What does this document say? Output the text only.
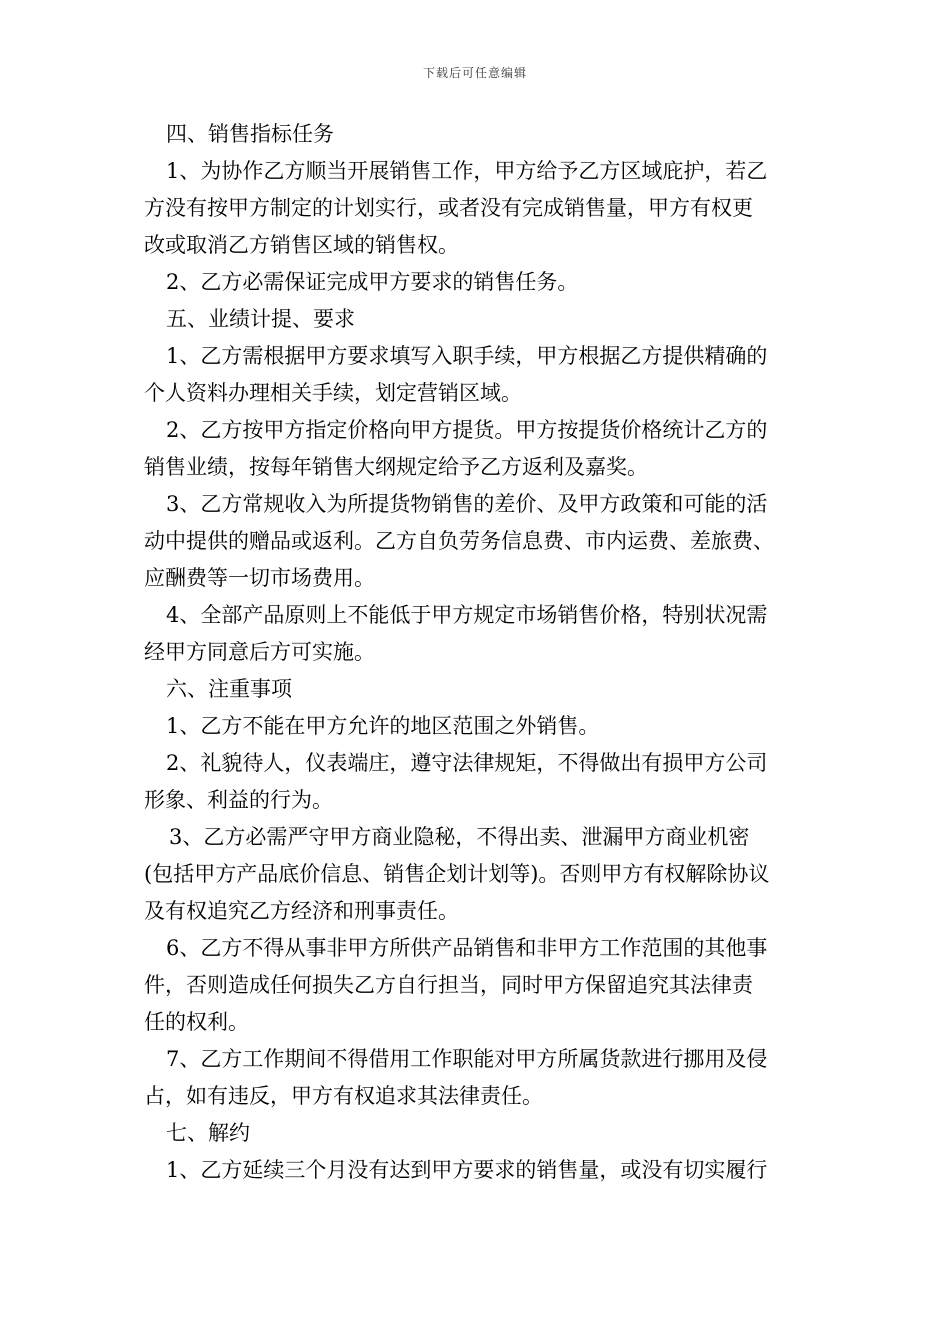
下载后可任意编辑

四、销售指标任务

1、为协作乙方顺当开展销售工作，甲方给予乙方区域庇护，若乙

方没有按甲方制定的计划实行，或者没有完成销售量，甲方有权更

改或取消乙方销售区域的销售权。

2、乙方必需保证完成甲方要求的销售任务。

五、业绩计提、要求

1、乙方需根据甲方要求填写入职手续，甲方根据乙方提供精确的

个人资料办理相关手续，划定营销区域。

2、乙方按甲方指定价格向甲方提货。甲方按提货价格统计乙方的

销售业绩，按每年销售大纲规定给予乙方返利及嘉奖。

3、乙方常规收入为所提货物销售的差价、及甲方政策和可能的活

动中提供的赠品或返利。乙方自负劳务信息费、市内运费、差旅费、

应酬费等一切市场费用。

4、全部产品原则上不能低于甲方规定市场销售价格，特别状况需

经甲方同意后方可实施。

六、注重事项

1、乙方不能在甲方允许的地区范围之外销售。

2、礼貌待人，仪表端庄，遵守法律规矩，不得做出有损甲方公司

形象、利益的行为。

3、乙方必需严守甲方商业隐秘，不得出卖、泄漏甲方商业机密

(包括甲方产品底价信息、销售企划计划等)。否则甲方有权解除协议

及有权追究乙方经济和刑事责任。

6、乙方不得从事非甲方所供产品销售和非甲方工作范围的其他事

件，否则造成任何损失乙方自行担当，同时甲方保留追究其法律责

任的权利。

7、乙方工作期间不得借用工作职能对甲方所属货款进行挪用及侵

占，如有违反，甲方有权追求其法律责任。

七、解约

1、乙方延续三个月没有达到甲方要求的销售量，或没有切实履行
